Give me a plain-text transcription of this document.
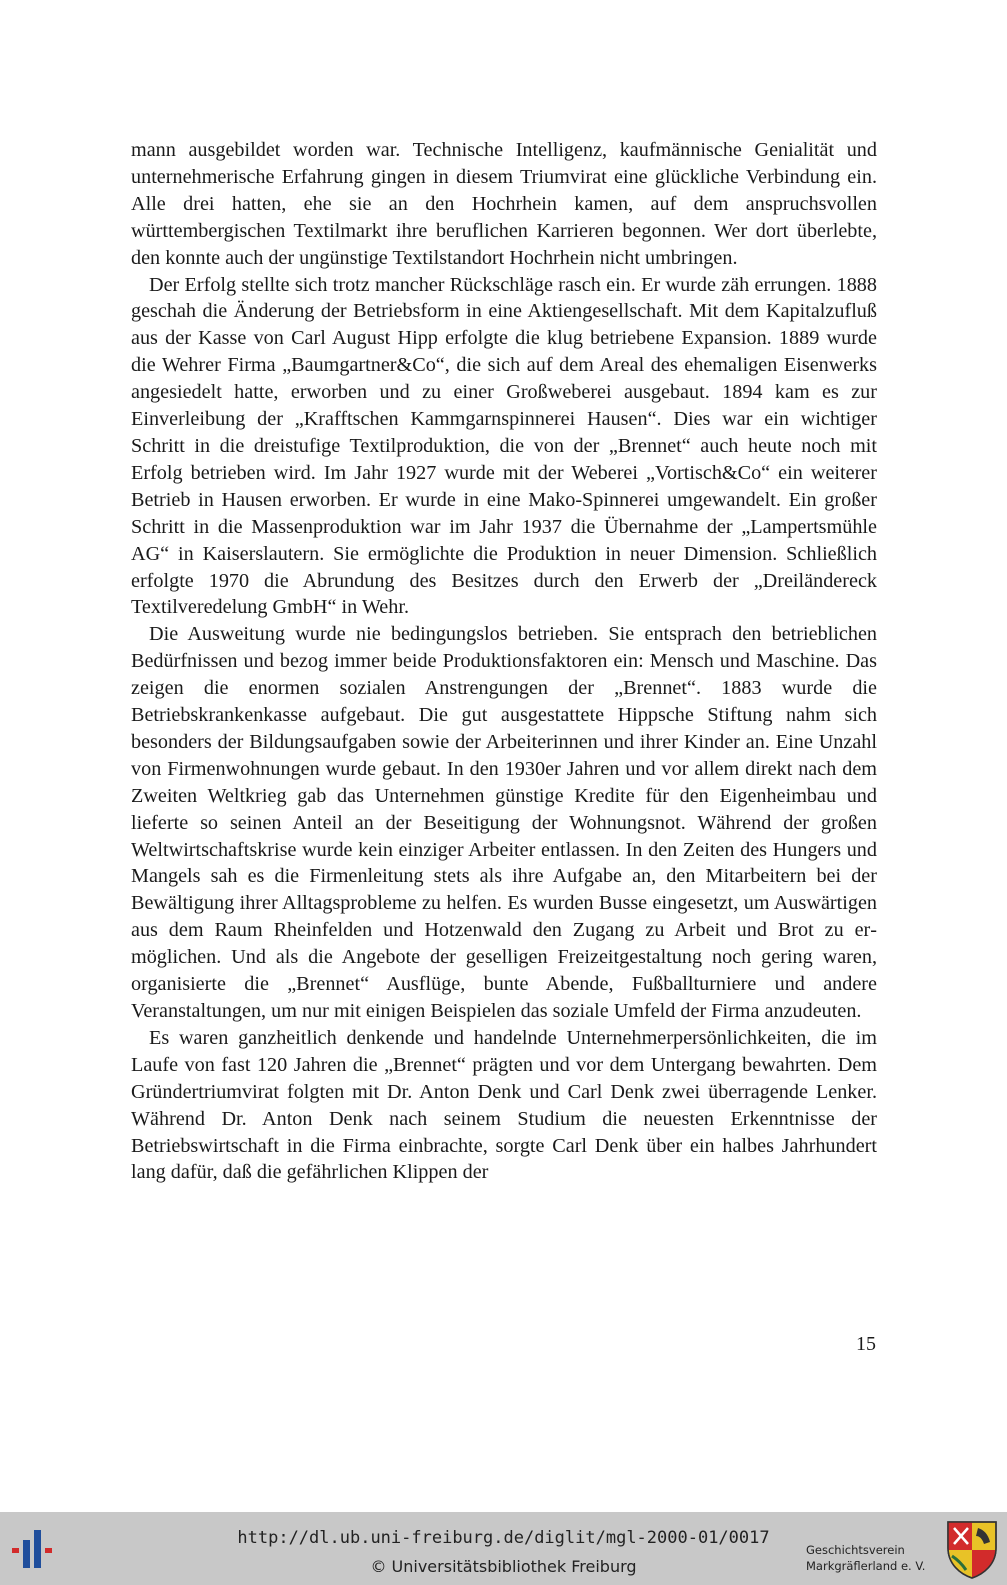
mann ausgebildet worden war. Technische Intelligenz, kaufmännische Genialität und unternehmerische Erfahrung gingen in diesem Triumvirat eine glückliche Verbindung ein. Alle drei hatten, ehe sie an den Hochrhein kamen, auf dem anspruchsvollen württembergischen Textilmarkt ihre beruflichen Karrieren begonnen. Wer dort überlebte, den konnte auch der ungünstige Textilstandort Hochrhein nicht umbringen.

Der Erfolg stellte sich trotz mancher Rückschläge rasch ein. Er wurde zäh errungen. 1888 geschah die Änderung der Betriebsform in eine Aktiengesellschaft. Mit dem Kapitalzufluß aus der Kasse von Carl August Hipp erfolgte die klug betriebene Expansion. 1889 wurde die Wehrer Firma „Baumgartner&Co“, die sich auf dem Areal des ehemaligen Eisenwerks angesiedelt hatte, erworben und zu einer Großweberei ausgebaut. 1894 kam es zur Einverleibung der „Krafftschen Kammgarnspinnerei Hausen“. Dies war ein wichtiger Schritt in die dreistufige Textilproduktion, die von der „Brennet“ auch heute noch mit Erfolg betrieben wird. Im Jahr 1927 wurde mit der Weberei „Vortisch&Co“ ein weiterer Betrieb in Hausen erworben. Er wurde in eine Mako-Spinnerei umgewandelt. Ein großer Schritt in die Massenproduktion war im Jahr 1937 die Übernahme der „Lampertsmühle AG“ in Kaiserslautern. Sie ermöglichte die Produktion in neuer Dimension. Schließlich erfolgte 1970 die Abrundung des Besitzes durch den Erwerb der „Dreiländereck Textilveredelung GmbH“ in Wehr.

Die Ausweitung wurde nie bedingungslos betrieben. Sie entsprach den betrieblichen Bedürfnissen und bezog immer beide Produktionsfaktoren ein: Mensch und Maschine. Das zeigen die enormen sozialen Anstrengungen der „Brennet“. 1883 wurde die Betriebskrankenkasse aufgebaut. Die gut ausgestattete Hippsche Stiftung nahm sich besonders der Bildungsaufgaben sowie der Arbeiterinnen und ihrer Kinder an. Eine Unzahl von Firmenwohnungen wurde gebaut. In den 1930er Jahren und vor allem direkt nach dem Zweiten Weltkrieg gab das Unternehmen günstige Kredite für den Eigenheimbau und lieferte so seinen Anteil an der Beseitigung der Wohnungsnot. Während der großen Weltwirtschaftskrise wurde kein einziger Arbeiter entlassen. In den Zeiten des Hungers und Mangels sah es die Firmenleitung stets als ihre Aufgabe an, den Mitarbeitern bei der Bewältigung ihrer Alltagsprobleme zu helfen. Es wurden Busse eingesetzt, um Auswärtigen aus dem Raum Rheinfelden und Hotzenwald den Zugang zu Arbeit und Brot zu ermöglichen. Und als die Angebote der geselligen Freizeitgestaltung noch gering waren, organisierte die „Brennet“ Ausflüge, bunte Abende, Fußballturniere und andere Veranstaltungen, um nur mit einigen Beispielen das soziale Umfeld der Firma anzudeuten.

Es waren ganzheitlich denkende und handelnde Unternehmerpersönlichkeiten, die im Laufe von fast 120 Jahren die „Brennet“ prägten und vor dem Untergang bewahrten. Dem Gründertriumvirat folgten mit Dr. Anton Denk und Carl Denk zwei überragende Lenker. Während Dr. Anton Denk nach seinem Studium die neuesten Erkenntnisse der Betriebswirtschaft in die Firma einbrachte, sorgte Carl Denk über ein halbes Jahrhundert lang dafür, daß die gefährlichen Klippen der

15
http://dl.ub.uni-freiburg.de/diglit/mgl-2000-01/0017
© Universitätsbibliothek Freiburg
Geschichtsverein
Markgräflerland e. V.
